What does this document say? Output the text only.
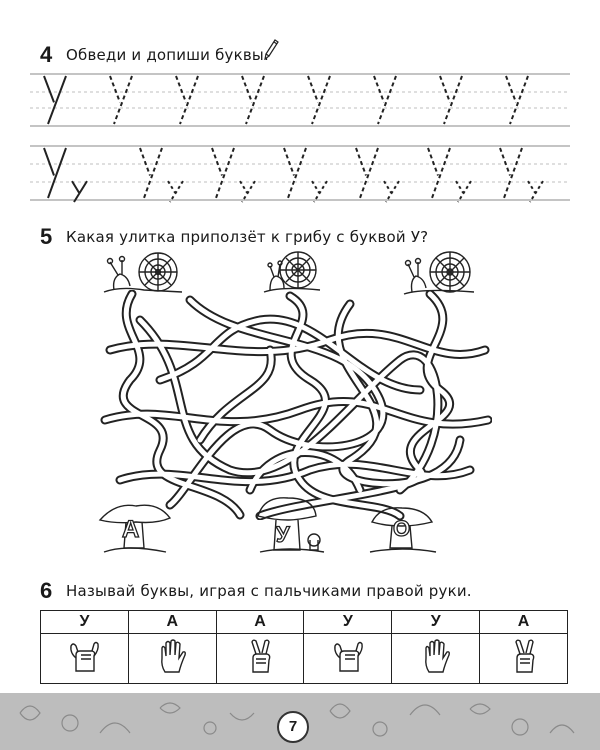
4 Обведи и допиши буквы.
5 Какая улитка приползёт к грибу с буквой У?
А	У	О
6 Называй буквы, играя с пальчиками правой руки.
У	А	А	У	У	А

7
